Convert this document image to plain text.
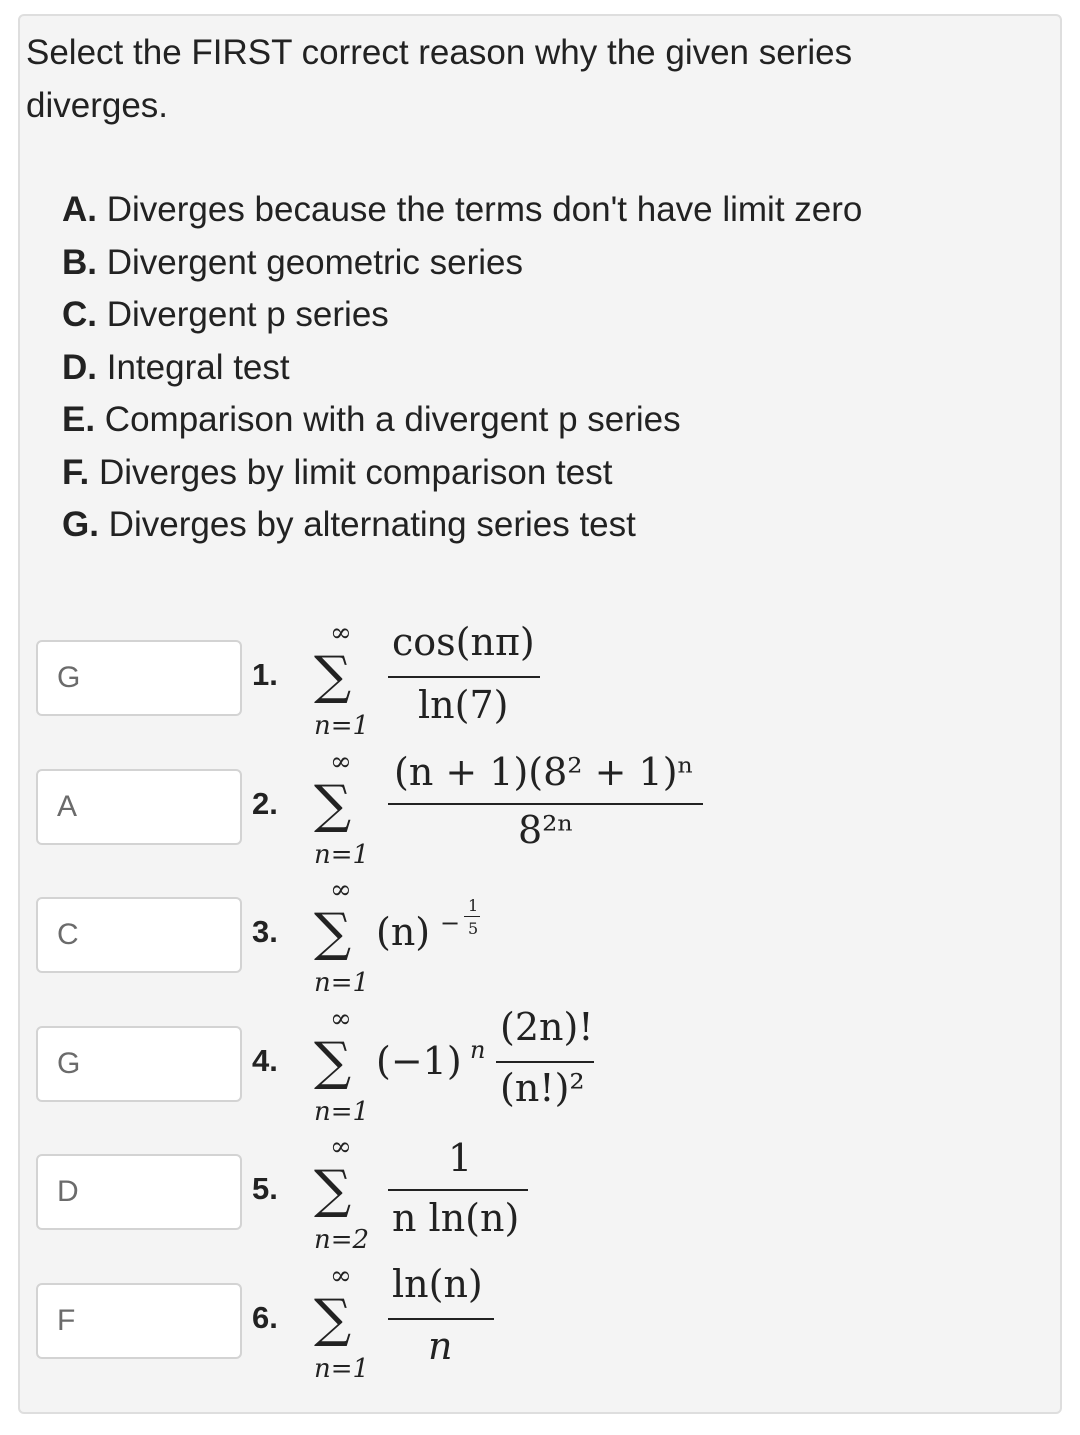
Select the FIRST correct reason why the given series
diverges.
A. Diverges because the terms don't have limit zero
B. Divergent geometric series
C. Divergent p series
D. Integral test
E. Comparison with a divergent p series
F. Diverges by limit comparison test
G. Diverges by alternating series test
G	1.
∞
∑
n=1
cos(nπ)
ln(7)
A	2.
∞
∑
n=1
(n + 1)(8² + 1)ⁿ
8²ⁿ
C	3.
∞
∑
n=1
(n) −
1
5
G	4.
∞
∑
n=1
(−1) n
(2n)!
(n!)²
D	5.
∞
∑
n=2
1
n ln(n)
F	6.
∞
∑
n=1
ln(n)
n
